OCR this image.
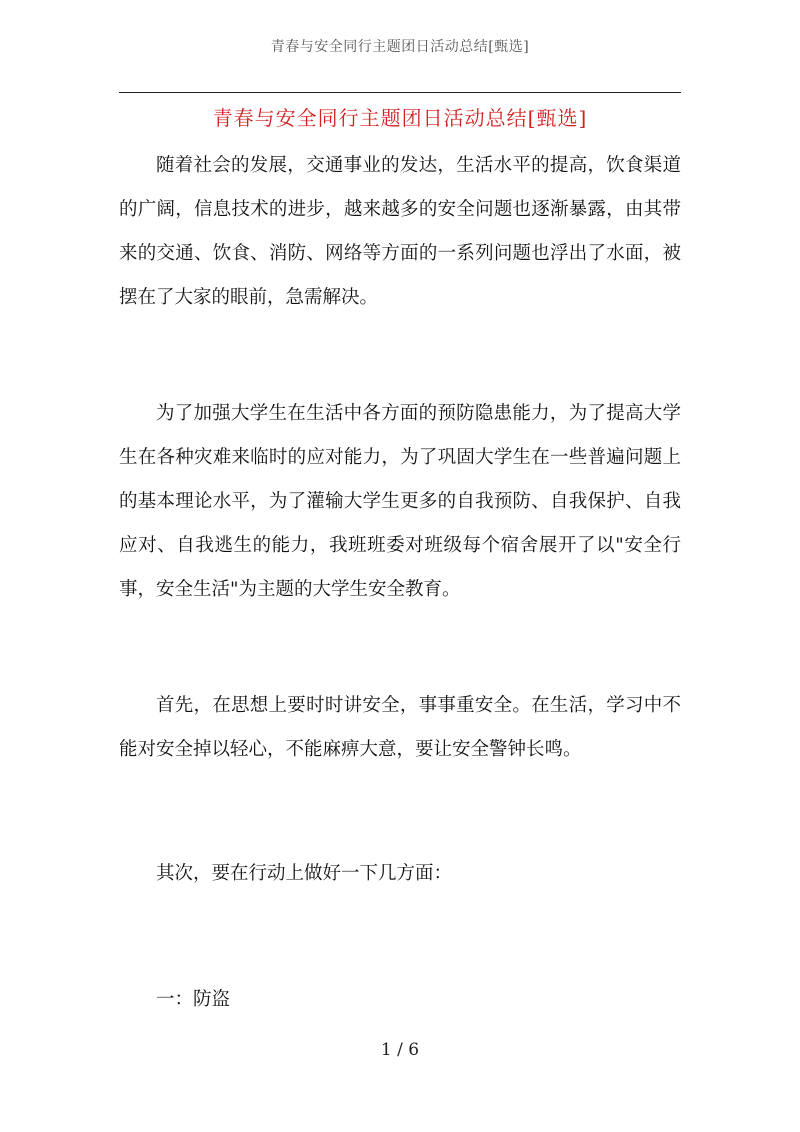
青春与安全同行主题团日活动总结[甄选]
青春与安全同行主题团日活动总结[甄选]

随着社会的发展，交通事业的发达，生活水平的提高，饮食渠道的广阔，信息技术的进步，越来越多的安全问题也逐渐暴露，由其带来的交通、饮食、消防、网络等方面的一系列问题也浮出了水面，被摆在了大家的眼前，急需解决。

为了加强大学生在生活中各方面的预防隐患能力，为了提高大学生在各种灾难来临时的应对能力，为了巩固大学生在一些普遍问题上的基本理论水平，为了灌输大学生更多的自我预防、自我保护、自我应对、自我逃生的能力，我班班委对班级每个宿舍展开了以"安全行事，安全生活"为主题的大学生安全教育。

首先，在思想上要时时讲安全，事事重安全。在生活，学习中不能对安全掉以轻心，不能麻痹大意，要让安全警钟长鸣。

其次，要在行动上做好一下几方面：

一：防盗

1 / 6
